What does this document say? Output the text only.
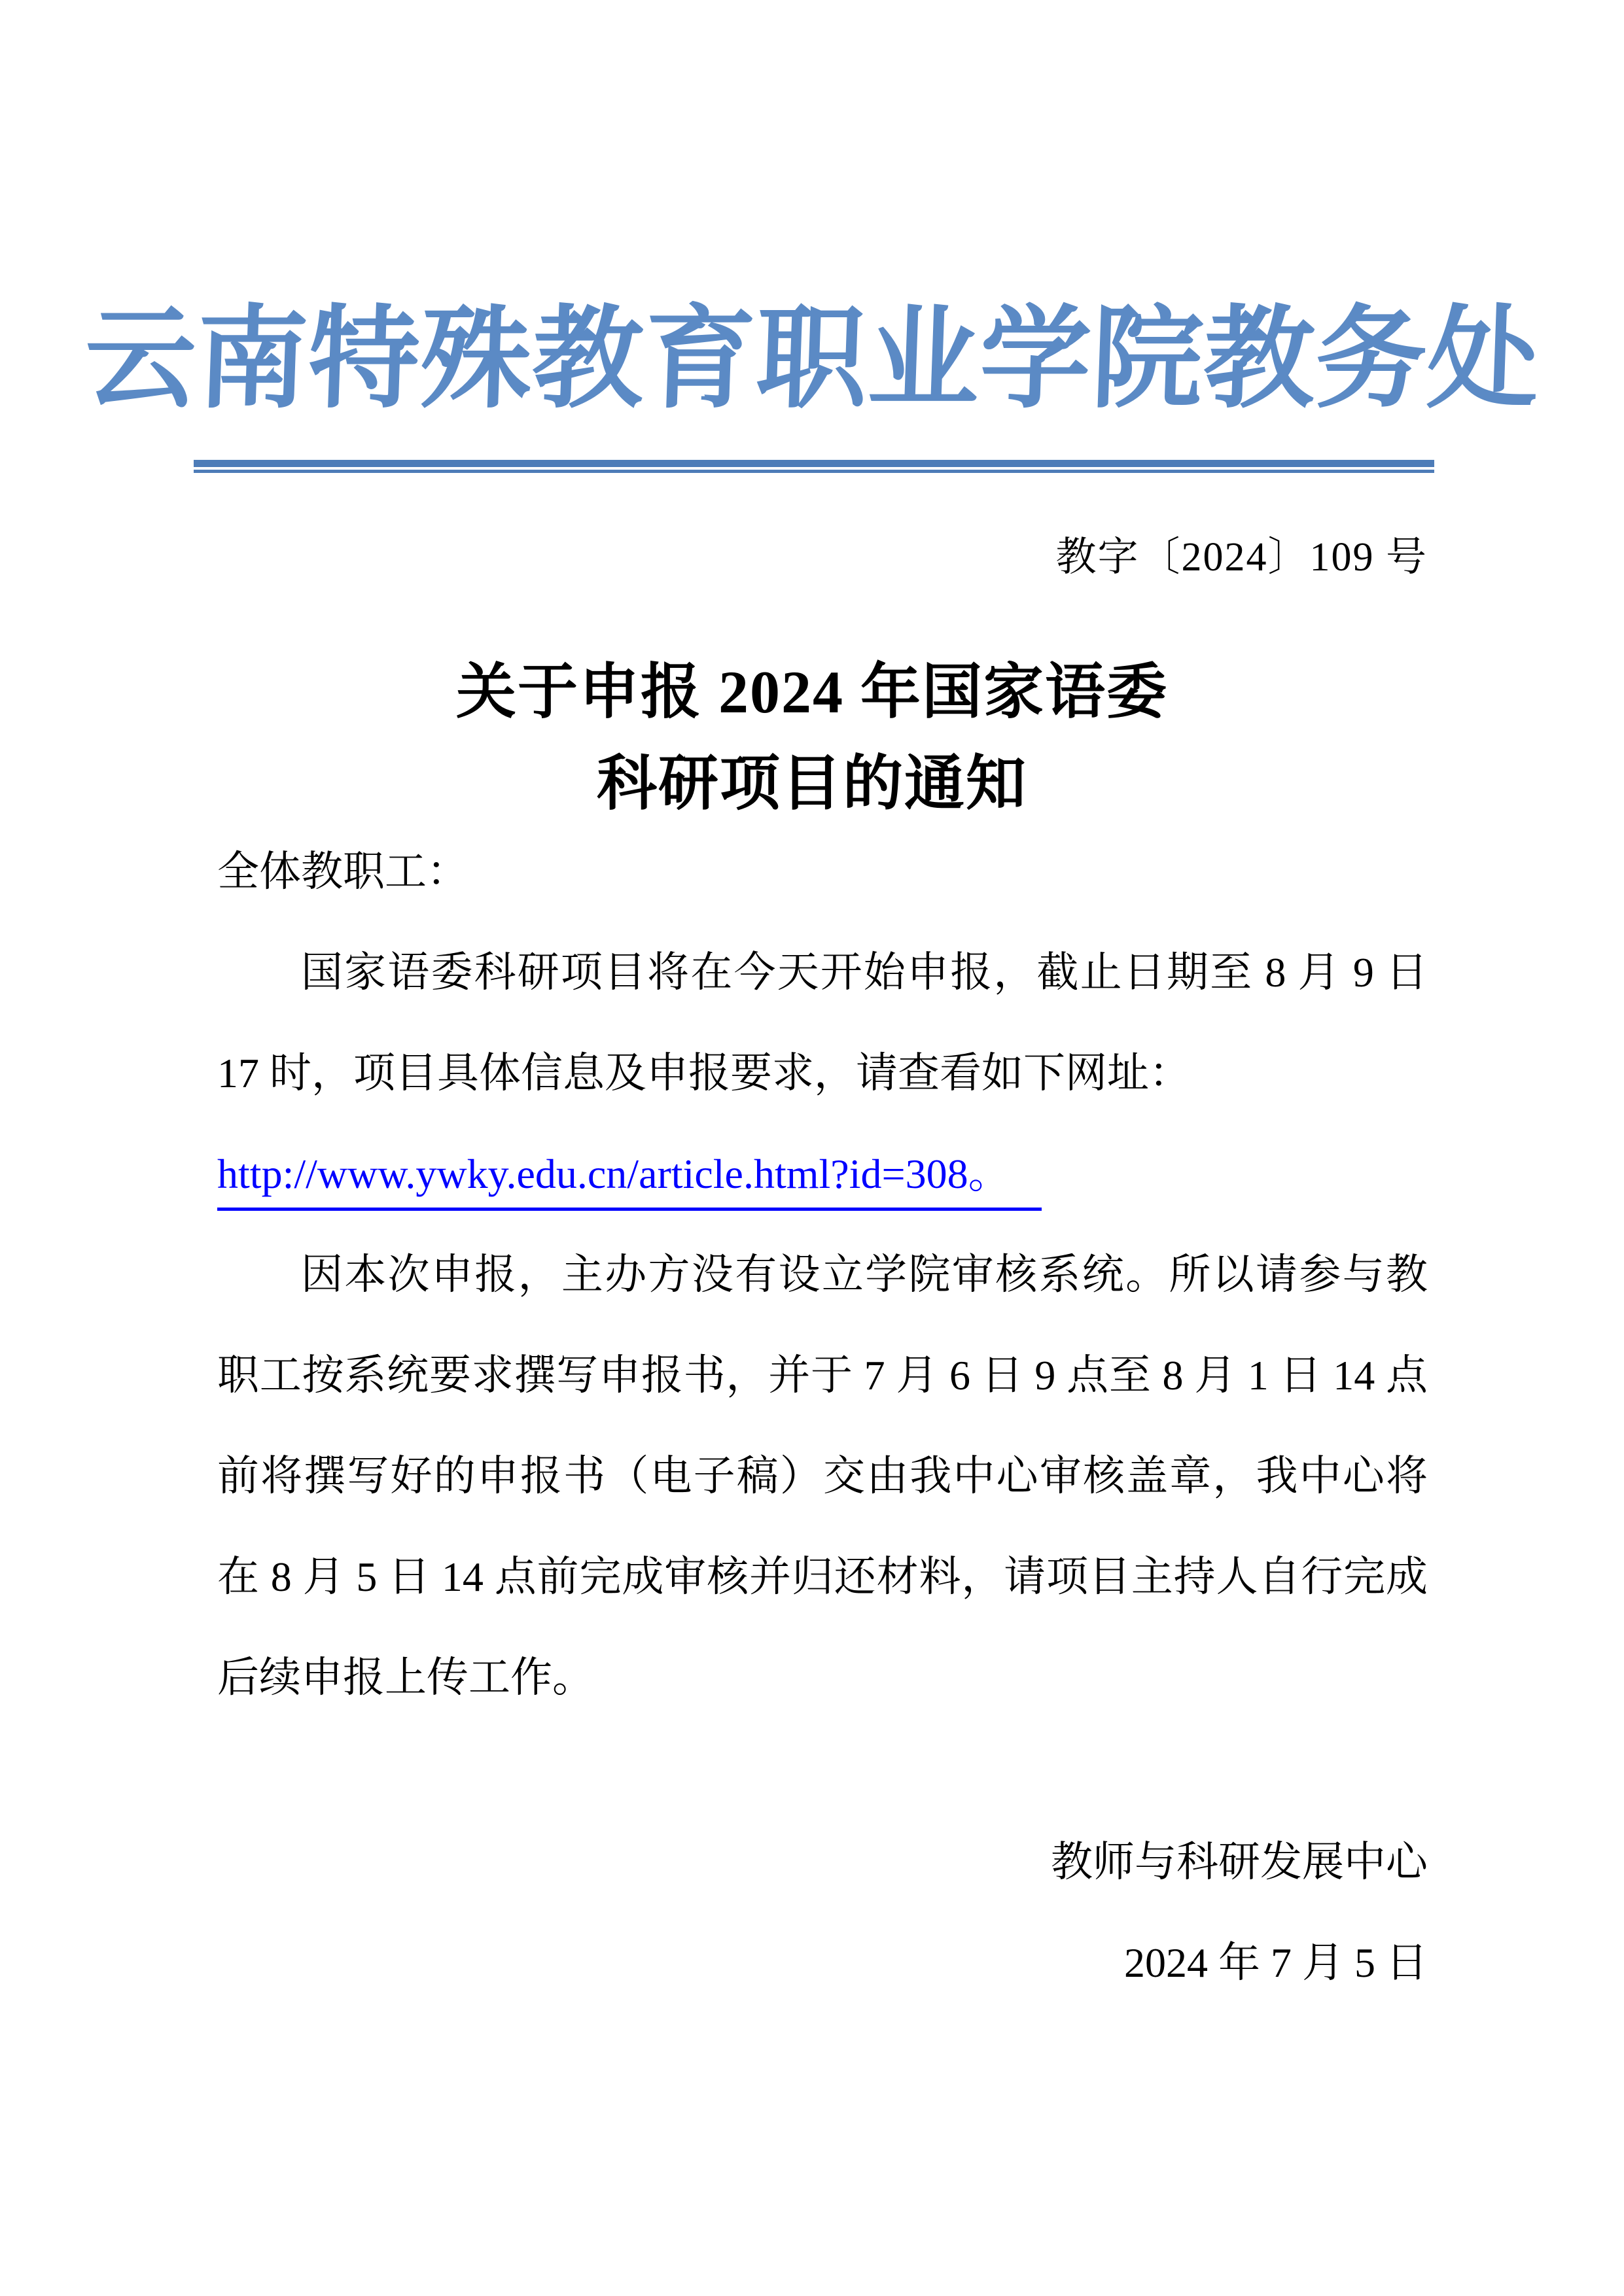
云南特殊教育职业学院教务处
教字〔2024〕109 号
关于申报 2024 年国家语委
科研项目的通知

全体教职工：

国家语委科研项目将在今天开始申报，截止日期至 8 月 9 日 17 时，项目具体信息及申报要求，请查看如下网址：

http://www.ywky.edu.cn/article.html?id=308。

因本次申报，主办方没有设立学院审核系统。所以请参与教职工按系统要求撰写申报书，并于 7 月 6 日 9 点至 8 月 1 日 14 点前将撰写好的申报书（电子稿）交由我中心审核盖章，我中心将在 8 月 5 日 14 点前完成审核并归还材料，请项目主持人自行完成后续申报上传工作。

教师与科研发展中心

2024 年 7 月 5 日
